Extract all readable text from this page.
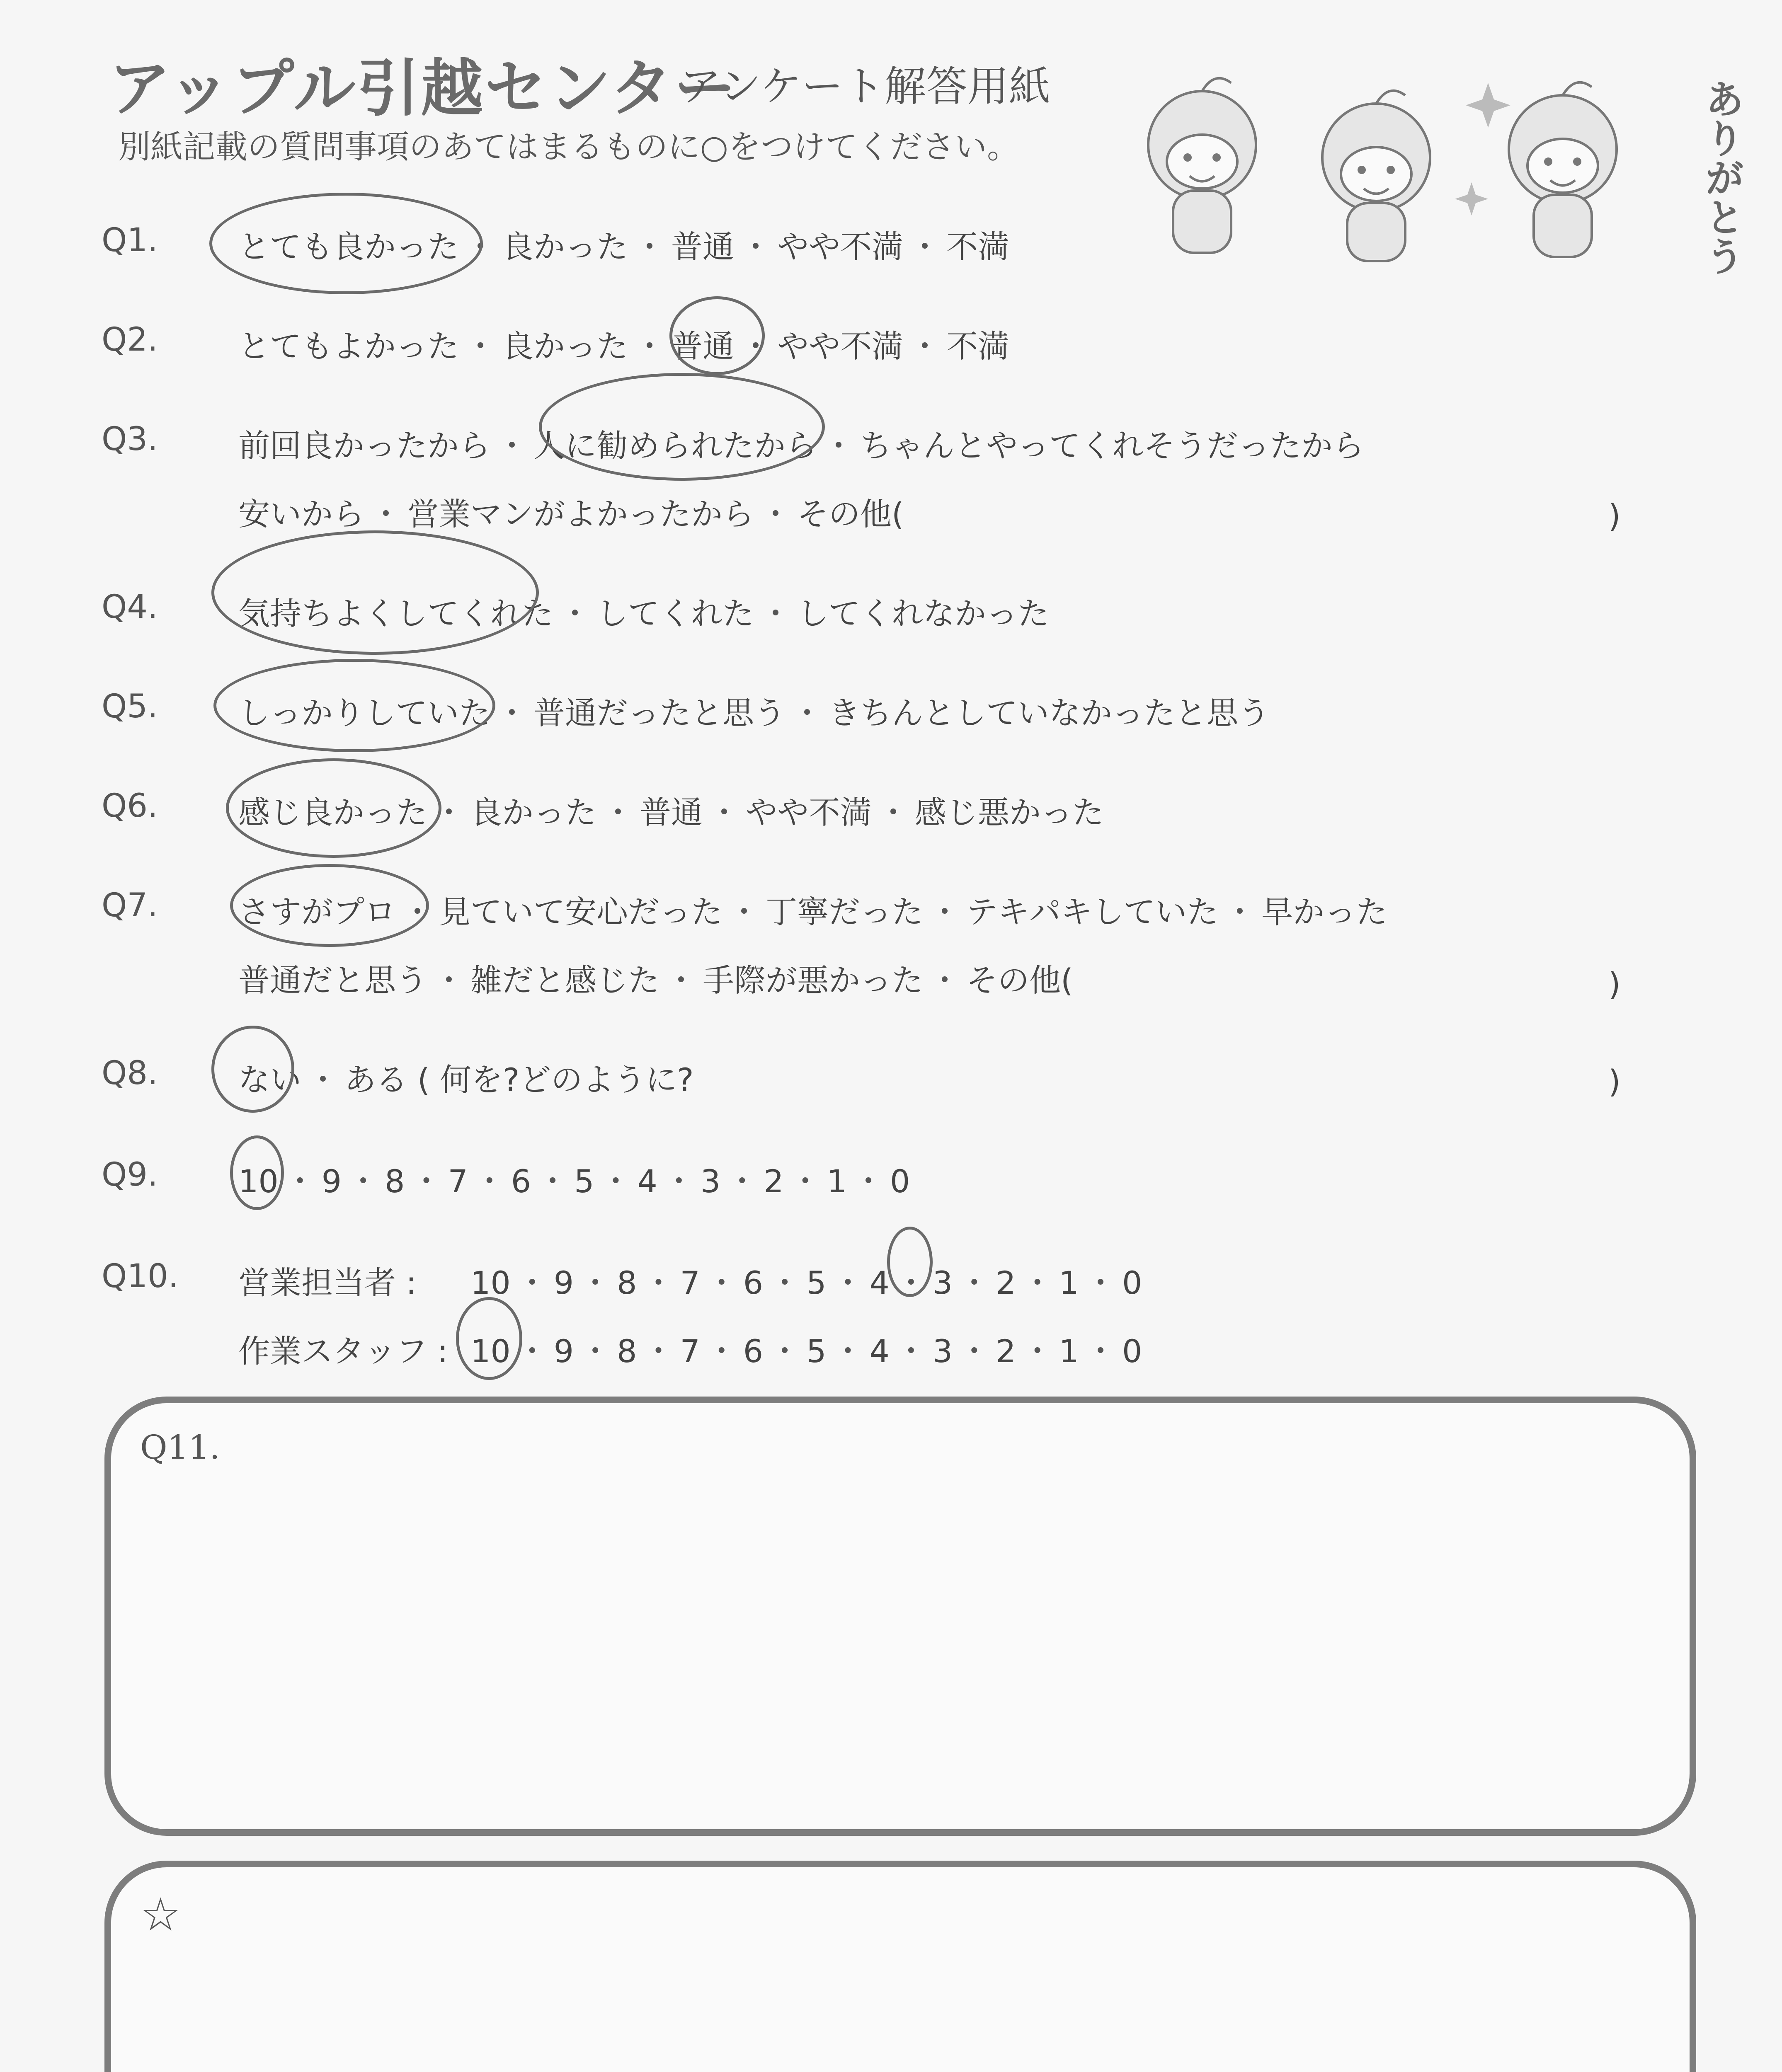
アップル引越センター
アンケート解答用紙
別紙記載の質問事項のあてはまるものに○をつけてください。	ありがとう
Q1.	とても良かった ・ 良かった ・ 普通 ・ やや不満 ・ 不満
Q2.	とてもよかった ・ 良かった ・ 普通 ・ やや不満 ・ 不満
Q3.	前回良かったから ・ 人に勧められたから ・ ちゃんとやってくれそうだったから
安いから ・ 営業マンがよかったから ・ その他(	)
Q4.	気持ちよくしてくれた ・ してくれた ・ してくれなかった
Q5.	しっかりしていた ・ 普通だったと思う ・ きちんとしていなかったと思う
Q6.	感じ良かった ・ 良かった ・ 普通 ・ やや不満 ・ 感じ悪かった
Q7.	さすがプロ ・ 見ていて安心だった ・ 丁寧だった ・ テキパキしていた ・ 早かった
普通だと思う ・ 雑だと感じた ・ 手際が悪かった ・ その他(	)
Q8.	ない ・ ある ( 何を?どのように?	)
Q9.	10 ・ 9 ・ 8 ・ 7 ・ 6 ・ 5 ・ 4 ・ 3 ・ 2 ・ 1 ・ 0
Q10. 営業担当者 : 10 ・ 9 ・ 8 ・ 7 ・ 6 ・ 5 ・ 4 ・ 3 ・ 2 ・ 1 ・ 0
作業スタッフ : 10 ・ 9 ・ 8 ・ 7 ・ 6 ・ 5 ・ 4 ・ 3 ・ 2 ・ 1 ・ 0
Q11.
☆
